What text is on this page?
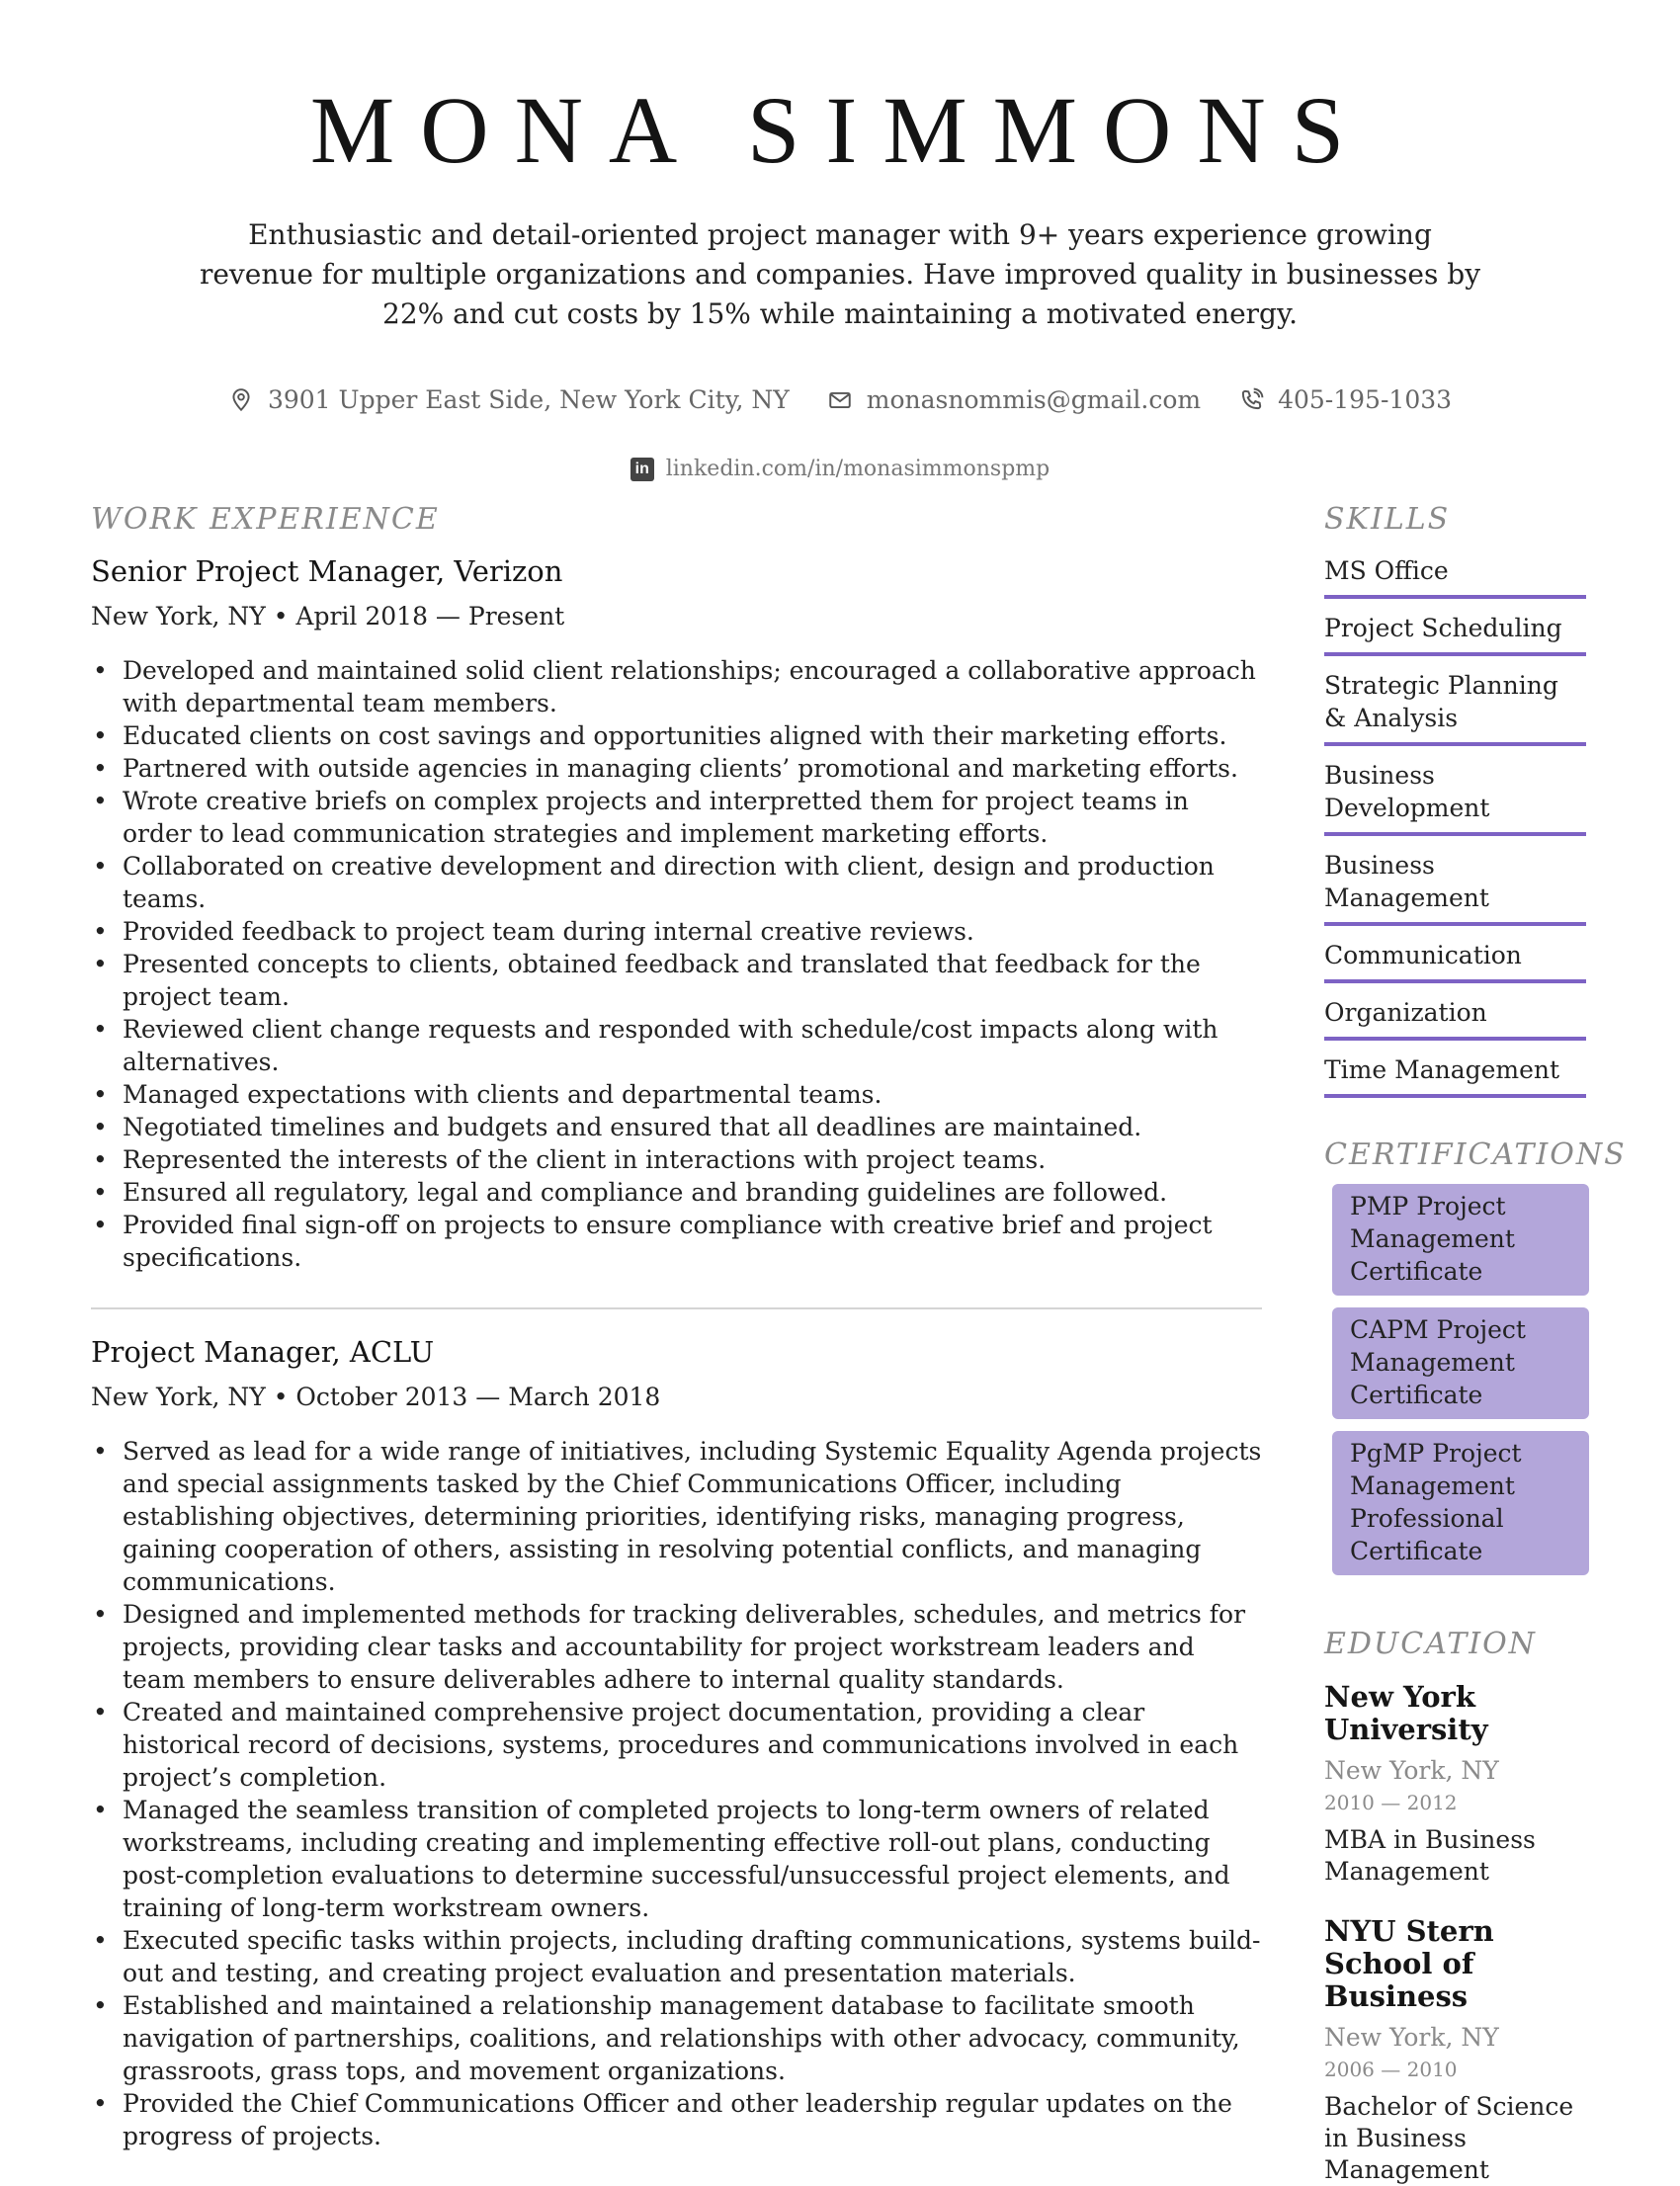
MONA SIMMONS
Enthusiastic and detail-oriented project manager with 9+ years experience growing revenue for multiple organizations and companies. Have improved quality in businesses by 22% and cut costs by 15% while maintaining a motivated energy.
3901 Upper East Side, New York City, NY	monasnommis@gmail.com	405-195-1033
in linkedin.com/in/monasimmonspmp
WORK EXPERIENCE
Senior Project Manager, Verizon
New York, NY • April 2018 — Present
• Developed and maintained solid client relationships; encouraged a collaborative approach with departmental team members.
• Educated clients on cost savings and opportunities aligned with their marketing efforts.
• Partnered with outside agencies in managing clients’ promotional and marketing efforts.
• Wrote creative briefs on complex projects and interpretted them for project teams in order to lead communication strategies and implement marketing efforts.
• Collaborated on creative development and direction with client, design and production teams.
• Provided feedback to project team during internal creative reviews.
• Presented concepts to clients, obtained feedback and translated that feedback for the project team.
• Reviewed client change requests and responded with schedule/cost impacts along with alternatives.
• Managed expectations with clients and departmental teams.
• Negotiated timelines and budgets and ensured that all deadlines are maintained.
• Represented the interests of the client in interactions with project teams.
• Ensured all regulatory, legal and compliance and branding guidelines are followed.
• Provided final sign-off on projects to ensure compliance with creative brief and project specifications.
Project Manager, ACLU
New York, NY • October 2013 — March 2018
• Served as lead for a wide range of initiatives, including Systemic Equality Agenda projects and special assignments tasked by the Chief Communications Officer, including establishing objectives, determining priorities, identifying risks, managing progress, gaining cooperation of others, assisting in resolving potential conflicts, and managing communications.
• Designed and implemented methods for tracking deliverables, schedules, and metrics for projects, providing clear tasks and accountability for project workstream leaders and team members to ensure deliverables adhere to internal quality standards.
• Created and maintained comprehensive project documentation, providing a clear historical record of decisions, systems, procedures and communications involved in each project’s completion.
• Managed the seamless transition of completed projects to long-term owners of related workstreams, including creating and implementing effective roll-out plans, conducting post-completion evaluations to determine successful/unsuccessful project elements, and training of long-term workstream owners.
• Executed specific tasks within projects, including drafting communications, systems build-out and testing, and creating project evaluation and presentation materials.
• Established and maintained a relationship management database to facilitate smooth navigation of partnerships, coalitions, and relationships with other advocacy, community, grassroots, grass tops, and movement organizations.
• Provided the Chief Communications Officer and other leadership regular updates on the progress of projects.
SKILLS
MS Office
Project Scheduling
Strategic Planning & Analysis
Business Development
Business Management
Communication
Organization
Time Management
CERTIFICATIONS
PMP Project Management Certificate
CAPM Project Management Certificate
PgMP Project Management Professional Certificate
EDUCATION
New York University
New York, NY
2010 — 2012
MBA in Business Management
NYU Stern School of Business
New York, NY
2006 — 2010
Bachelor of Science in Business Management
